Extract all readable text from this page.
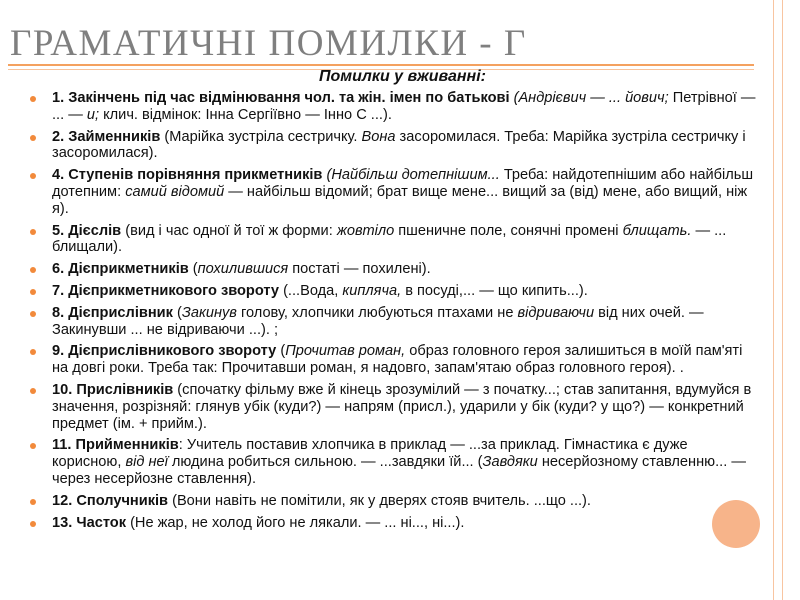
ГРАМАТИЧНІ ПОМИЛКИ - Г
Помилки у вживанні:
1. Закінчень під час відмінювання чол. та жін. імен по батькові (Андрієвич — ... йович; Петрівної — ... — и; клич. відмінок: Інна Сергіївно — Інно С ...).
2. Займенників (Марійка зустріла сестричку. Вона засоромилася. Треба: Марійка зустріла сестричку і засоромилася).
4. Ступенів порівняння прикметників (Найбільш дотепнішим... Треба: найдотепнішим або найбільш дотепним: самий відомий — найбільш відомий; брат вище мене... вищий за (від) мене, або вищий, ніж я).
5. Дієслів (вид і час одної й тої ж форми: жовтіло пшеничне поле, сонячні промені блищать. — ... блищали).
6. Дієприкметників (похилившися постаті — похилені).
7. Дієприкметникового звороту (...Вода, кипляча, в посуді,... — що кипить...).
8. Дієприслівник (Закинув голову, хлопчики любуються птахами не відриваючи від них очей. — Закинувши ... не відриваючи ...). ;
9. Дієприслівникового звороту (Прочитав роман, образ головного героя залишиться в моїй пам'яті на довгі роки. Треба так: Прочитавши роман, я надовго, запам'ятаю образ головного героя). .
10. Прислівників (спочатку фільму вже й кінець зрозумілий — з початку...; став запитання, вдумуйся в значення, розрізняй: глянув убік (куди?) — напрям (присл.), ударили у бік (куди? у що?) — конкретний предмет (ім. + прийм.).
11. Прийменників: Учитель поставив хлопчика в приклад — ...за приклад. Гімнастика є дуже корисною, від неї людина робиться сильною. — ...завдяки їй... (Завдяки несерйозному ставленню... — через несерйозне ставлення).
12. Сполучників (Вони навіть не помітили, як у дверях стояв вчитель. ...що ...).
13. Часток (Не жар, не холод його не лякали. — ... ні..., ні...).
